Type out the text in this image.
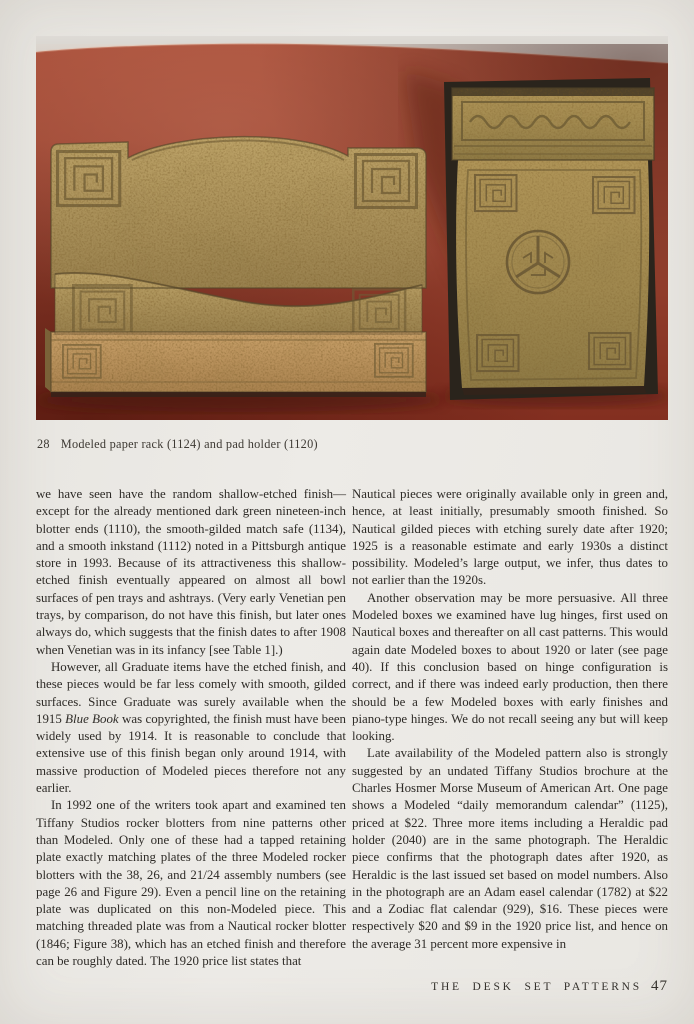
28 Modeled paper rack (1124) and pad holder (1120)

we have seen have the random shallow-etched finish—except for the already mentioned dark green nineteen-inch blotter ends (1110), the smooth-gilded match safe (1134), and a smooth inkstand (1112) noted in a Pittsburgh antique store in 1993. Because of its attractiveness this shallow-etched finish eventually appeared on almost all bowl surfaces of pen trays and ashtrays. (Very early Venetian pen trays, by comparison, do not have this finish, but later ones always do, which suggests that the finish dates to after 1908 when Venetian was in its infancy [see Table 1].)

However, all Graduate items have the etched finish, and these pieces would be far less comely with smooth, gilded surfaces. Since Graduate was surely available when the 1915 Blue Book was copyrighted, the finish must have been widely used by 1914. It is reasonable to conclude that extensive use of this finish began only around 1914, with massive production of Modeled pieces therefore not any earlier.

In 1992 one of the writers took apart and examined ten Tiffany Studios rocker blotters from nine patterns other than Modeled. Only one of these had a tapped retaining plate exactly matching plates of the three Modeled rocker blotters with the 38, 26, and 21/24 assembly numbers (see page 26 and Figure 29). Even a pencil line on the retaining plate was duplicated on this non-Modeled piece. This matching threaded plate was from a Nautical rocker blotter (1846; Figure 38), which has an etched finish and therefore can be roughly dated. The 1920 price list states that

Nautical pieces were originally available only in green and, hence, at least initially, presumably smooth finished. So Nautical gilded pieces with etching surely date after 1920; 1925 is a reasonable estimate and early 1930s a distinct possibility. Modeled’s large output, we infer, thus dates to not earlier than the 1920s.

Another observation may be more persuasive. All three Modeled boxes we examined have lug hinges, first used on Nautical boxes and thereafter on all cast patterns. This would again date Modeled boxes to about 1920 or later (see page 40). If this conclusion based on hinge configuration is correct, and if there was indeed early production, then there should be a few Modeled boxes with early finishes and piano-type hinges. We do not recall seeing any but will keep looking.

Late availability of the Modeled pattern also is strongly suggested by an undated Tiffany Studios brochure at the Charles Hosmer Morse Museum of American Art. One page shows a Modeled “daily memorandum calendar” (1125), priced at $22. Three more items including a Heraldic pad holder (2040) are in the same photograph. The Heraldic piece confirms that the photograph dates after 1920, as Heraldic is the last issued set based on model numbers. Also in the photograph are an Adam easel calendar (1782) at $22 and a Zodiac flat calendar (929), $16. These pieces were respectively $20 and $9 in the 1920 price list, and hence on the average 31 percent more expensive in

THE DESK SET PATTERNS 47
